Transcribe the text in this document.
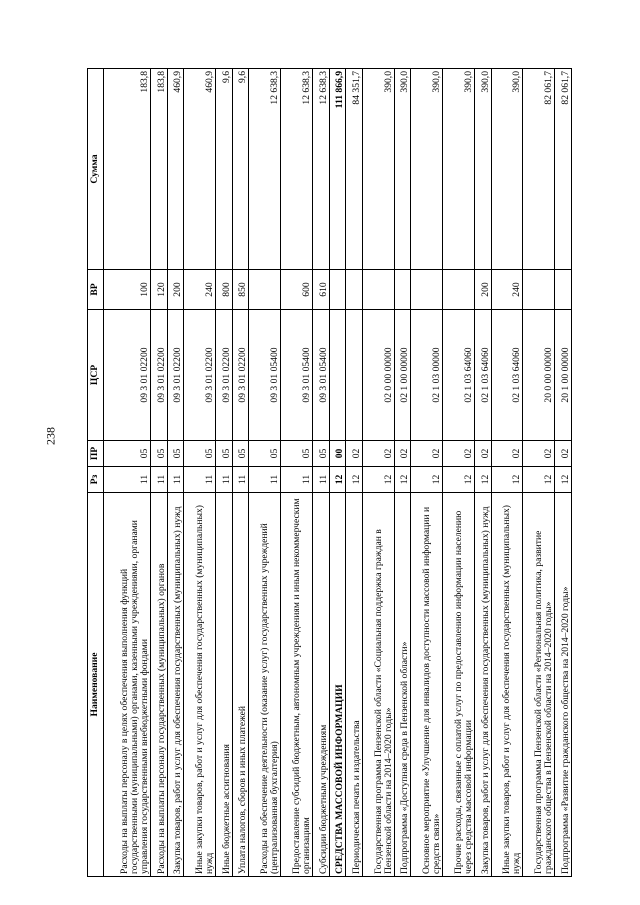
238
Наименование	Рз	ПР	ЦСР	ВР	Сумма
Расходы на выплаты персоналу в целях обеспечения выполнения функций государственными (муниципальными) органами, казенными учреждениями, органами управления государственными внебюджетными фондами	11	05	09 3 01 02200	100	183,8
Расходы на выплаты персоналу государственных (муниципальных) органов	11	05	09 3 01 02200	120	183,8
Закупка товаров, работ и услуг для обеспечения государственных (муниципальных) нужд	11	05	09 3 01 02200	200	460,9
Иные закупки товаров, работ и услуг для обеспечения государственных (муниципальных) нужд	11	05	09 3 01 02200	240	460,9
Иные бюджетные ассигнования	11	05	09 3 01 02200	800	9,6
Уплата налогов, сборов и иных платежей	11	05	09 3 01 02200	850	9,6
Расходы на обеспечение деятельности (оказание услуг) государственных учреждений (централизованная бухгалтерия)	11	05	09 3 01 05400		12 638,3
Предоставление субсидий бюджетным, автономным учреждениям и иным некоммерческим организациям	11	05	09 3 01 05400	600	12 638,3
Субсидии бюджетным учреждениям	11	05	09 3 01 05400	610	12 638,3
СРЕДСТВА МАССОВОЙ ИНФОРМАЦИИ	12	00			111 866,9
Периодическая печать и издательства	12	02			84 351,7
Государственная программа Пензенской области «Социальная поддержка граждан в Пензенской области на 2014–2020 годы»	12	02	02 0 00 00000		390,0
Подпрограмма «Доступная среда в Пензенской области»	12	02	02 1 00 00000		390,0
Основное мероприятие «Улучшение для инвалидов доступности массовой информации и средств связи»	12	02	02 1 03 00000		390,0
Прочие расходы, связанные с оплатой услуг по предоставлению информации населению через средства массовой информации	12	02	02 1 03 64060		390,0
Закупка товаров, работ и услуг для обеспечения государственных (муниципальных) нужд	12	02	02 1 03 64060	200	390,0
Иные закупки товаров, работ и услуг для обеспечения государственных (муниципальных) нужд	12	02	02 1 03 64060	240	390,0
Государственная программа Пензенской области «Региональная политика, развитие гражданского общества в Пензенской области на 2014–2020 годы»	12	02	20 0 00 00000		82 061,7
Подпрограмма «Развитие гражданского общества на 2014–2020 годы»	12	02	20 1 00 00000		82 061,7
